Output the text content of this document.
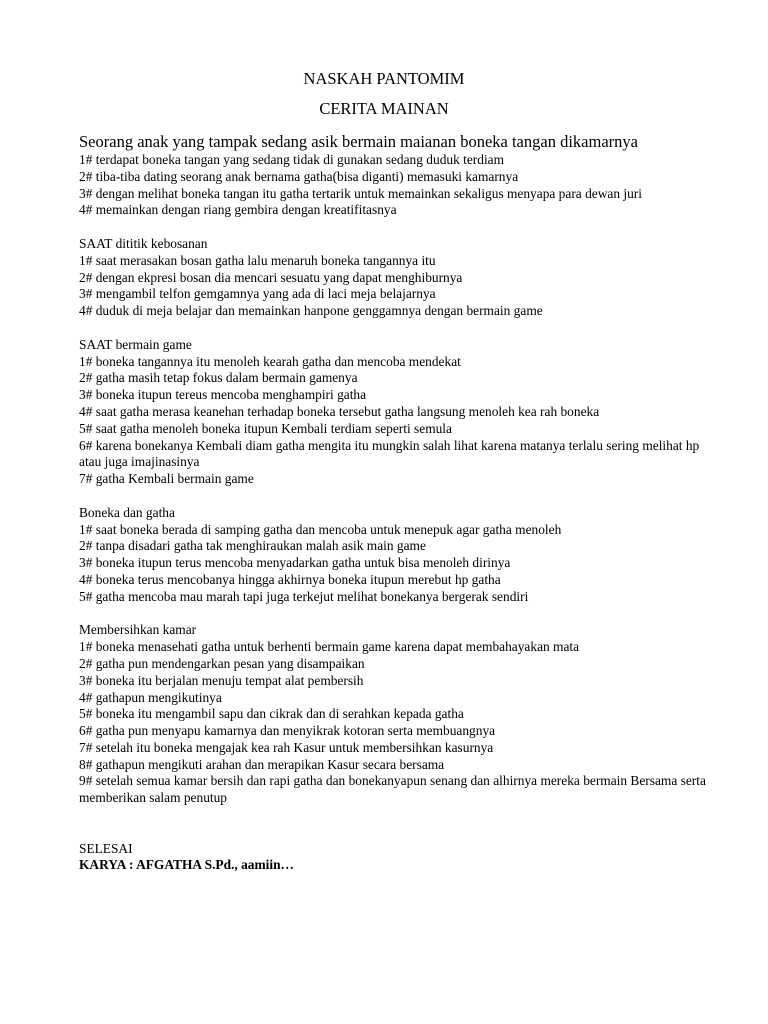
NASKAH PANTOMIM
CERITA MAINAN
Seorang anak yang tampak sedang asik bermain maianan boneka tangan dikamarnya
1# terdapat boneka tangan yang sedang tidak di gunakan sedang duduk terdiam
2# tiba-tiba dating seorang anak bernama gatha(bisa diganti) memasuki kamarnya
3# dengan melihat boneka tangan itu gatha tertarik untuk memainkan sekaligus menyapa para dewan juri
4# memainkan dengan riang gembira dengan kreatifitasnya
SAAT dititik kebosanan
1# saat merasakan bosan gatha lalu menaruh boneka tangannya itu
2# dengan ekpresi bosan dia mencari sesuatu yang dapat menghiburnya
3# mengambil telfon gemgamnya yang ada di laci meja belajarnya
4# duduk di meja belajar dan memainkan hanpone genggamnya dengan bermain game
SAAT bermain game
1# boneka tangannya itu menoleh kearah gatha dan mencoba mendekat
2# gatha masih tetap fokus dalam bermain gamenya
3# boneka itupun tereus mencoba menghampiri gatha
4# saat gatha merasa keanehan terhadap boneka tersebut gatha langsung menoleh kea rah boneka
5# saat gatha menoleh boneka itupun Kembali terdiam seperti semula
6# karena bonekanya Kembali diam gatha mengita itu mungkin salah lihat karena matanya terlalu sering melihat hp atau juga imajinasinya
7# gatha Kembali bermain game
Boneka dan gatha
1# saat boneka berada di samping gatha dan mencoba untuk menepuk agar gatha menoleh
2# tanpa disadari gatha tak menghiraukan malah asik main game
3# boneka itupun terus mencoba menyadarkan gatha untuk bisa menoleh dirinya
4# boneka terus mencobanya hingga akhirnya boneka itupun merebut hp gatha
5# gatha mencoba mau marah tapi juga terkejut melihat bonekanya bergerak sendiri
Membersihkan kamar
1# boneka menasehati gatha untuk berhenti bermain game karena dapat membahayakan mata
2# gatha pun mendengarkan pesan yang disampaikan
3# boneka itu berjalan menuju tempat alat pembersih
4# gathapun mengikutinya
5# boneka itu mengambil sapu dan cikrak dan di serahkan kepada gatha
6# gatha pun menyapu kamarnya dan menyikrak kotoran serta membuangnya
7# setelah itu boneka mengajak kea rah Kasur untuk membersihkan kasurnya
8# gathapun mengikuti arahan dan merapikan Kasur secara bersama
9# setelah semua kamar bersih dan rapi gatha dan bonekanyapun senang dan alhirnya mereka bermain Bersama serta memberikan salam penutup
SELESAI
KARYA : AFGATHA S.Pd., aamiin…
